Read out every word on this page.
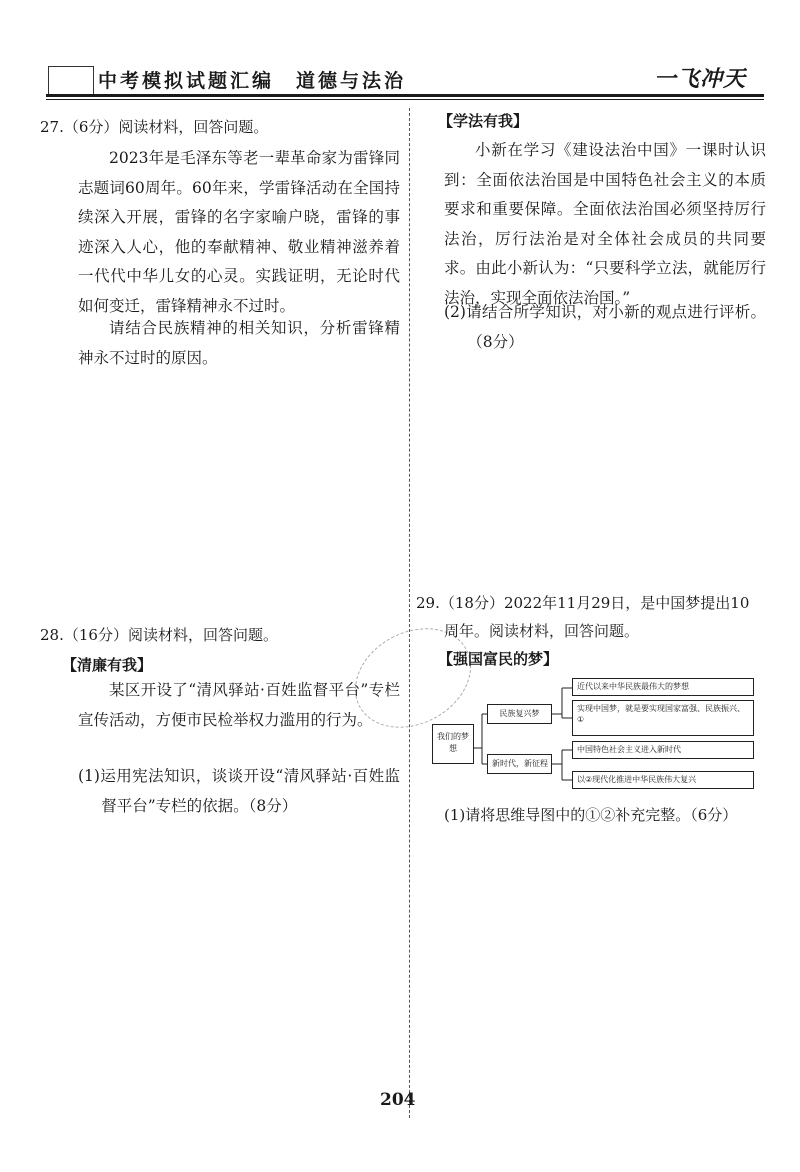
中考模拟试题汇编　道德与法治	一飞冲天
27.（6分）阅读材料，回答问题。
2023年是毛泽东等老一辈革命家为雷锋同志题词60周年。60年来，学雷锋活动在全国持续深入开展，雷锋的名字家喻户晓，雷锋的事迹深入人心，他的奉献精神、敬业精神滋养着一代代中华儿女的心灵。实践证明，无论时代如何变迁，雷锋精神永不过时。
请结合民族精神的相关知识，分析雷锋精神永不过时的原因。
【学法有我】
小新在学习《建设法治中国》一课时认识到：全面依法治国是中国特色社会主义的本质要求和重要保障。全面依法治国必须坚持厉行法治，厉行法治是对全体社会成员的共同要求。由此小新认为：“只要科学立法，就能厉行法治，实现全面依法治国。”
(2)请结合所学知识，对小新的观点进行评析。（8分）
28.（16分）阅读材料，回答问题。
【清廉有我】
某区开设了“清风驿站·百姓监督平台”专栏宣传活动，方便市民检举权力滥用的行为。
(1)运用宪法知识，谈谈开设“清风驿站·百姓监督平台”专栏的依据。（8分）
29.（18分）2022年11月29日，是中国梦提出10
周年。阅读材料，回答问题。
【强国富民的梦】
我们的梦想
民族复兴梦
新时代，新征程
近代以来中华民族最伟大的梦想
实现中国梦，就是要实现国家富强、民族振兴、①
中国特色社会主义进入新时代
以②现代化推进中华民族伟大复兴
(1)请将思维导图中的①②补充完整。（6分）
204
